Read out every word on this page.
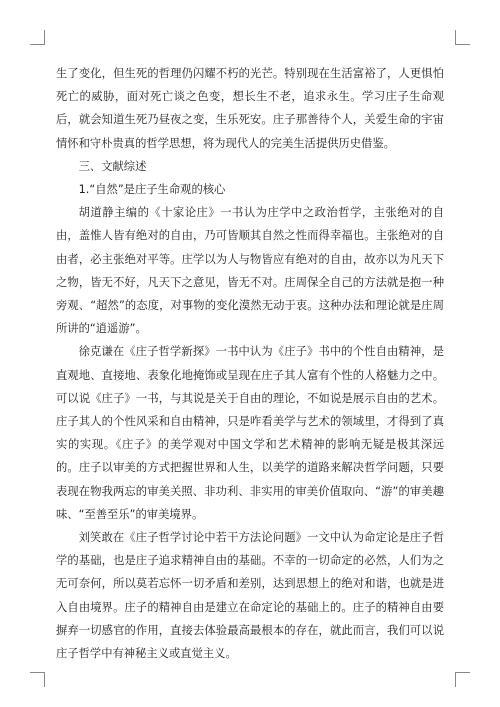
生了变化，但生死的哲理仍闪耀不朽的光芒。特别现在生活富裕了，人更惧怕死亡的威胁，面对死亡谈之色变，想长生不老，追求永生。学习庄子生命观后，就会知道生死乃昼夜之变，生乐死安。庄子那善待个人，关爱生命的宇宙情怀和守朴贵真的哲学思想，将为现代人的完美生活提供历史借鉴。

三、文献综述

1.“自然”是庄子生命观的核心

胡道静主编的《十家论庄》一书认为庄学中之政治哲学，主张绝对的自由，盖惟人皆有绝对的自由，乃可皆顺其自然之性而得幸福也。主张绝对的自由者，必主张绝对平等。庄学以为人与物皆应有绝对的自由，故亦以为凡天下之物，皆无不好，凡天下之意见，皆无不对。庄周保全自己的方法就是抱一种旁观、“超然”的态度，对事物的变化漠然无动于衷。这种办法和理论就是庄周所讲的“逍遥游”。

徐克谦在《庄子哲学新探》一书中认为《庄子》书中的个性自由精神，是直观地、直接地、表象化地掩饰或呈现在庄子其人富有个性的人格魅力之中。可以说《庄子》一书，与其说是关于自由的理论，不如说是展示自由的艺术。庄子其人的个性风采和自由精神，只是咋看美学与艺术的领域里，才得到了真实的实现。《庄子》的美学观对中国文学和艺术精神的影响无疑是极其深远的。庄子以审美的方式把握世界和人生，以美学的道路来解决哲学问题，只要表现在物我两忘的审美关照、非功利、非实用的审美价值取向、“游”的审美趣味、“至善至乐”的审美境界。

刘笑敢在《庄子哲学讨论中若干方法论问题》一文中认为命定论是庄子哲学的基础，也是庄子追求精神自由的基础。不幸的一切命定的必然，人们为之无可奈何，所以莫若忘怀一切矛盾和差别，达到思想上的绝对和谐，也就是进入自由境界。庄子的精神自由是建立在命定论的基础上的。庄子的精神自由要摒弃一切感官的作用，直接去体验最高最根本的存在，就此而言，我们可以说庄子哲学中有神秘主义或直觉主义。
